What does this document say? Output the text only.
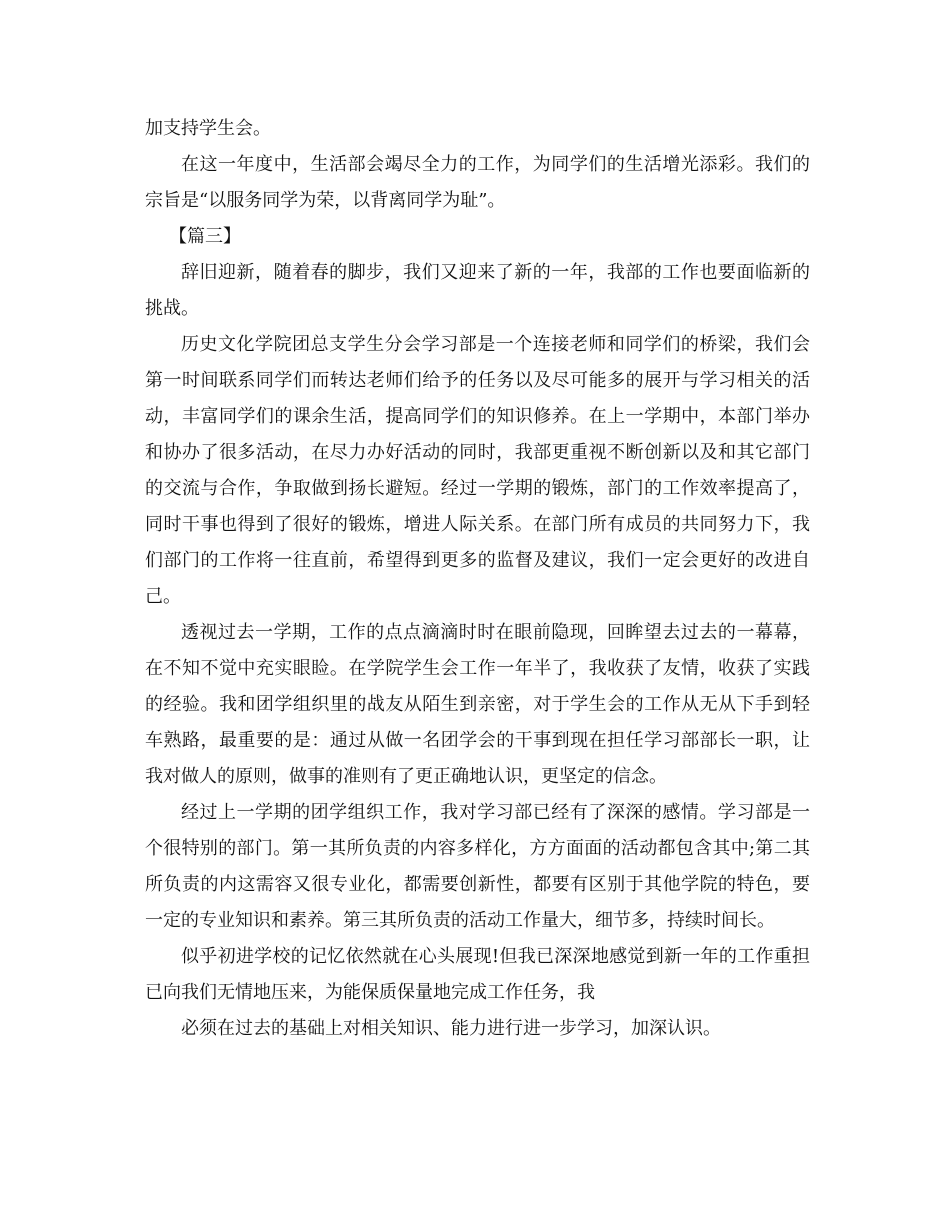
加支持学生会。

在这一年度中，生活部会竭尽全力的工作，为同学们的生活增光添彩。我们的宗旨是“以服务同学为荣，以背离同学为耻”。

【篇三】

辞旧迎新，随着春的脚步，我们又迎来了新的一年，我部的工作也要面临新的挑战。

历史文化学院团总支学生分会学习部是一个连接老师和同学们的桥梁，我们会第一时间联系同学们而转达老师们给予的任务以及尽可能多的展开与学习相关的活动，丰富同学们的课余生活，提高同学们的知识修养。在上一学期中，本部门举办和协办了很多活动，在尽力办好活动的同时，我部更重视不断创新以及和其它部门的交流与合作，争取做到扬长避短。经过一学期的锻炼，部门的工作效率提高了，同时干事也得到了很好的锻炼，增进人际关系。在部门所有成员的共同努力下，我们部门的工作将一往直前，希望得到更多的监督及建议，我们一定会更好的改进自己。

透视过去一学期，工作的点点滴滴时时在眼前隐现，回眸望去过去的一幕幕，在不知不觉中充实眼睑。在学院学生会工作一年半了，我收获了友情，收获了实践的经验。我和团学组织里的战友从陌生到亲密，对于学生会的工作从无从下手到轻车熟路，最重要的是：通过从做一名团学会的干事到现在担任学习部部长一职，让我对做人的原则，做事的准则有了更正确地认识，更坚定的信念。

经过上一学期的团学组织工作，我对学习部已经有了深深的感情。学习部是一个很特别的部门。第一其所负责的内容多样化，方方面面的活动都包含其中;第二其所负责的内这需容又很专业化，都需要创新性，都要有区别于其他学院的特色，要一定的专业知识和素养。第三其所负责的活动工作量大，细节多，持续时间长。

似乎初进学校的记忆依然就在心头展现!但我已深深地感觉到新一年的工作重担已向我们无情地压来，为能保质保量地完成工作任务，我

必须在过去的基础上对相关知识、能力进行进一步学习，加深认识。
